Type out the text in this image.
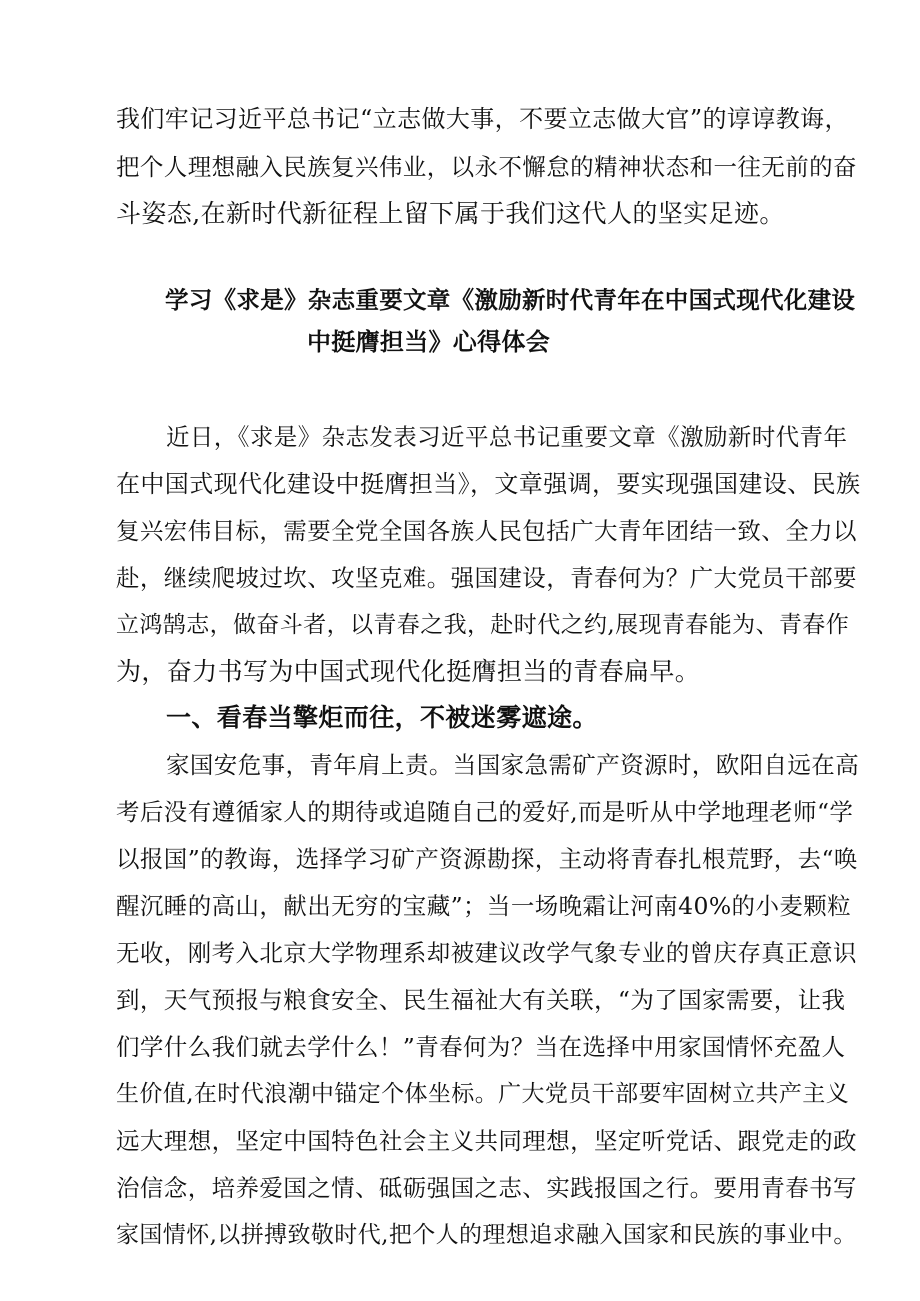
我们牢记习近平总书记“立志做大事，不要立志做大官”的谆谆教诲，
把个人理想融入民族复兴伟业，以永不懈怠的精神状态和一往无前的奋
斗姿态,在新时代新征程上留下属于我们这代人的坚实足迹。
学习《求是》杂志重要文章《激励新时代青年在中国式现代化建设
中挺膺担当》心得体会
近日，《求是》杂志发表习近平总书记重要文章《激励新时代青年
在中国式现代化建设中挺膺担当》，文章强调，要实现强国建设、民族
复兴宏伟目标，需要全党全国各族人民包括广大青年团结一致、全力以
赴，继续爬坡过坎、攻坚克难。强国建设，青春何为？广大党员干部要
立鸿鹄志，做奋斗者，以青春之我，赴时代之约,展现青春能为、青春作
为，奋力书写为中国式现代化挺膺担当的青春扁早。
一、看春当擎炬而往，不被迷雾遮途。
家国安危事，青年肩上责。当国家急需矿产资源时，欧阳自远在高
考后没有遵循家人的期待或追随自己的爱好,而是听从中学地理老师“学
以报国”的教诲，选择学习矿产资源勘探，主动将青春扎根荒野，去“唤
醒沉睡的高山，献出无穷的宝藏”；当一场晚霜让河南40%的小麦颗粒
无收，刚考入北京大学物理系却被建议改学气象专业的曾庆存真正意识
到，天气预报与粮食安全、民生福祉大有关联，“为了国家需要，让我
们学什么我们就去学什么！”青春何为？当在选择中用家国情怀充盈人
生价值,在时代浪潮中锚定个体坐标。广大党员干部要牢固树立共产主义
远大理想，坚定中国特色社会主义共同理想，坚定听党话、跟党走的政
治信念，培养爱国之情、砥砺强国之志、实践报国之行。要用青春书写
家国情怀,以拼搏致敬时代,把个人的理想追求融入国家和民族的事业中。
